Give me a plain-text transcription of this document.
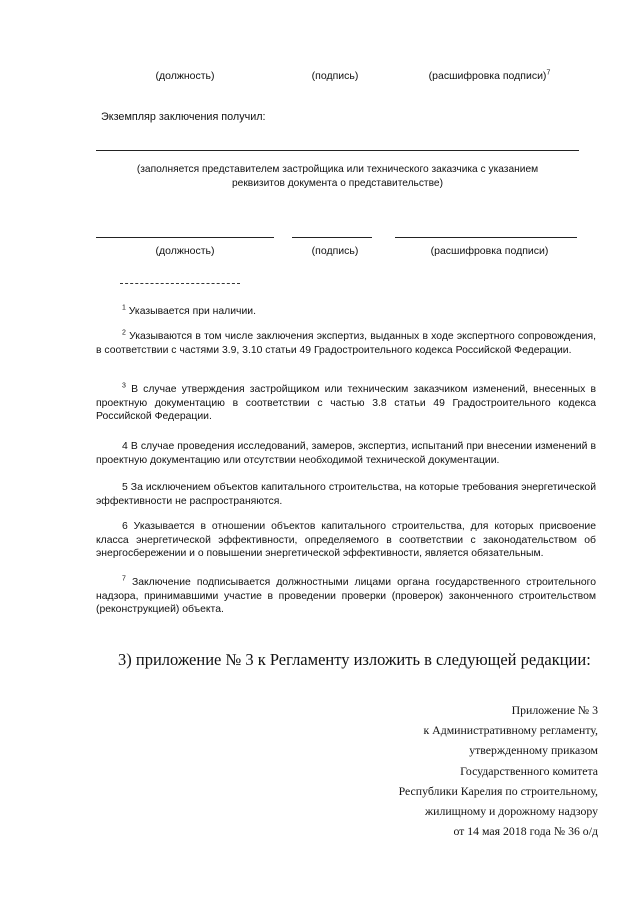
(должность)	(подпись)	(расшифровка подписи)$^7$
Экземпляр заключения получил:
(заполняется представителем застройщика или технического заказчика с указанием
реквизитов документа о представительстве)
(должность)	(подпись)	(расшифровка подписи)
$^1$ Указывается при наличии.
$^2$ Указываются в том числе заключения экспертиз, выданных в ходе экспертного сопровождения, в соответствии с частями 3.9, 3.10 статьи 49 Градостроительного кодекса Российской Федерации.
$^3$ В случае утверждения застройщиком или техническим заказчиком изменений, внесенных в проектную документацию в соответствии с частью 3.8 статьи 49 Градостроительного кодекса Российской Федерации.
4 В случае проведения исследований, замеров, экспертиз, испытаний при внесении изменений в проектную документацию или отсутствии необходимой технической документации.
5 За исключением объектов капитального строительства, на которые требования энергетической эффективности не распространяются.
6 Указывается в отношении объектов капитального строительства, для которых присвоение класса энергетической эффективности, определяемого в соответствии с законодательством об энергосбережении и о повышении энергетической эффективности, является обязательным.
$^7$ Заключение подписывается должностными лицами органа государственного строительного надзора, принимавшими участие в проведении проверки (проверок) законченного строительством (реконструкцией) объекта.
3) приложение № 3 к Регламенту изложить в следующей редакции:
Приложение № 3
к Административному регламенту,
утвержденному приказом
Государственного комитета
Республики Карелия по строительному,
жилищному и дорожному надзору
от 14 мая 2018 года № 36 о/д
